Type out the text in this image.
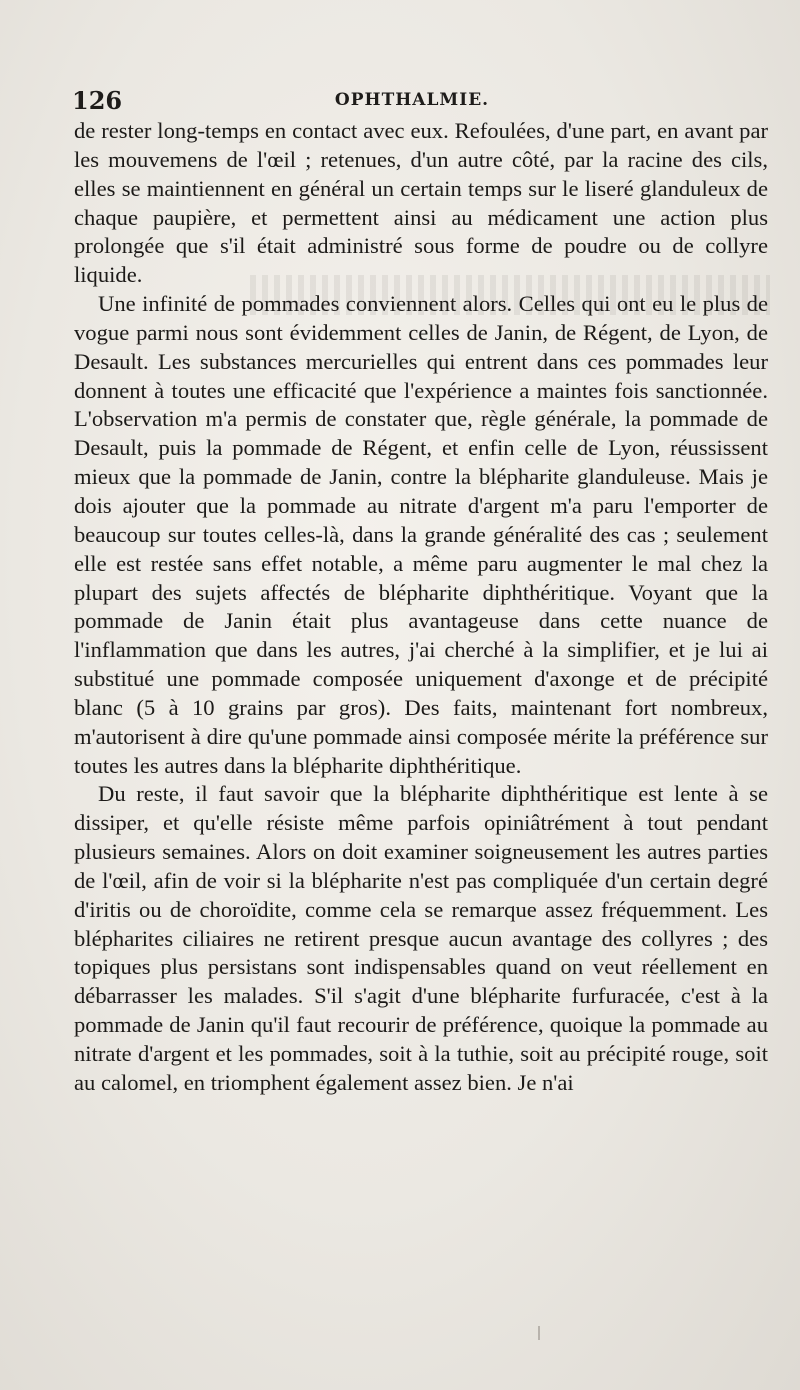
126	OPHTHALMIE.

de rester long-temps en contact avec eux. Refoulées, d'une part, en avant par les mouvemens de l'œil ; retenues, d'un autre côté, par la racine des cils, elles se maintiennent en général un certain temps sur le liseré glanduleux de chaque paupière, et permettent ainsi au médicament une action plus prolongée que s'il était administré sous forme de poudre ou de collyre liquide.

Une infinité de pommades conviennent alors. Celles qui ont eu le plus de vogue parmi nous sont évidemment celles de Janin, de Régent, de Lyon, de Desault. Les substances mercurielles qui entrent dans ces pommades leur donnent à toutes une efficacité que l'expérience a maintes fois sanctionnée. L'observation m'a permis de constater que, règle générale, la pommade de Desault, puis la pommade de Régent, et enfin celle de Lyon, réussissent mieux que la pommade de Janin, contre la blépharite glanduleuse. Mais je dois ajouter que la pommade au nitrate d'argent m'a paru l'emporter de beaucoup sur toutes celles-là, dans la grande généralité des cas ; seulement elle est restée sans effet notable, a même paru augmenter le mal chez la plupart des sujets affectés de blépharite diphthéritique. Voyant que la pommade de Janin était plus avantageuse dans cette nuance de l'inflammation que dans les autres, j'ai cherché à la simplifier, et je lui ai substitué une pommade composée uniquement d'axonge et de précipité blanc (5 à 10 grains par gros). Des faits, maintenant fort nombreux, m'autorisent à dire qu'une pommade ainsi composée mérite la préférence sur toutes les autres dans la blépharite diphthéritique.

Du reste, il faut savoir que la blépharite diphthéritique est lente à se dissiper, et qu'elle résiste même parfois opiniâtrément à tout pendant plusieurs semaines. Alors on doit examiner soigneusement les autres parties de l'œil, afin de voir si la blépharite n'est pas compliquée d'un certain degré d'iritis ou de choroïdite, comme cela se remarque assez fréquemment. Les blépharites ciliaires ne retirent presque aucun avantage des collyres ; des topiques plus persistans sont indispensables quand on veut réellement en débarrasser les malades. S'il s'agit d'une blépharite furfuracée, c'est à la pommade de Janin qu'il faut recourir de préférence, quoique la pommade au nitrate d'argent et les pommades, soit à la tuthie, soit au précipité rouge, soit au calomel, en triomphent également assez bien. Je n'ai
